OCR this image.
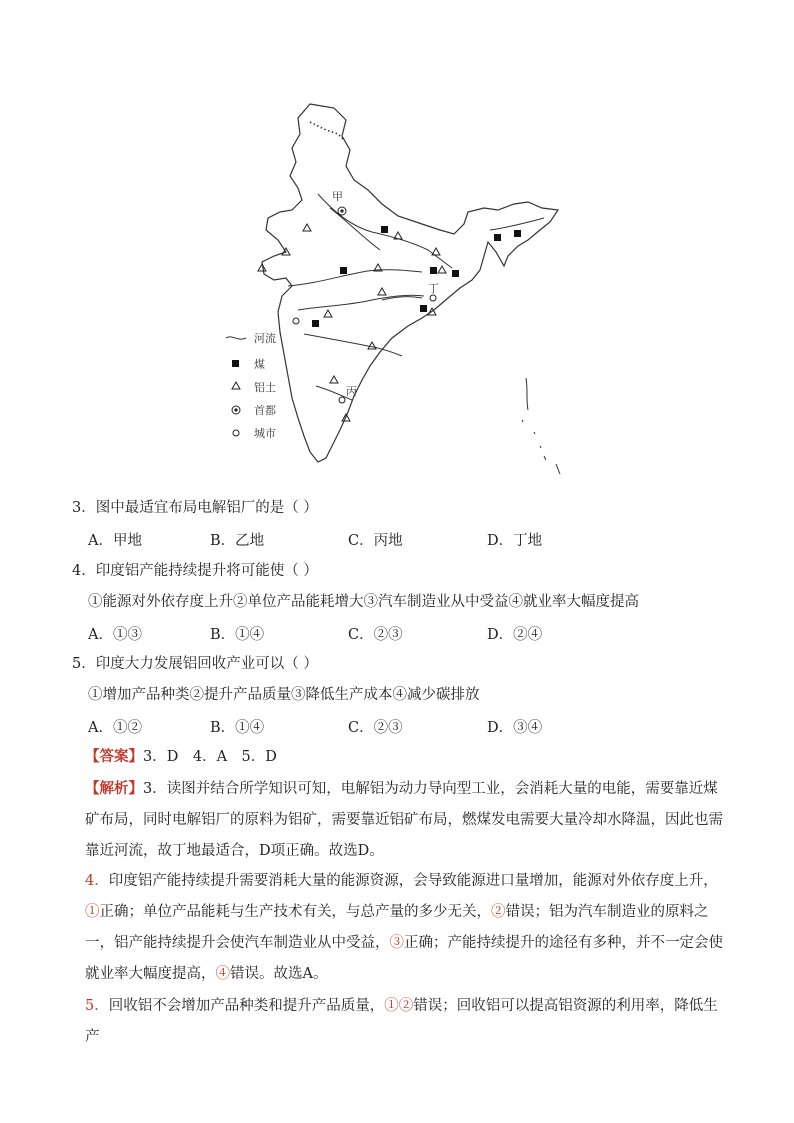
甲
丙
丁
河流
煤
铝土
首都
城市
3．图中最适宜布局电解铝厂的是（ ）
A．甲地	B．乙地	C．丙地	D．丁地
4．印度铝产能持续提升将可能使（ ）
①能源对外依存度上升②单位产品能耗增大③汽车制造业从中受益④就业率大幅度提高
A．①③	B．①④	C．②③	D．②④
5．印度大力发展铝回收产业可以（ ）
①增加产品种类②提升产品质量③降低生产成本④减少碳排放
A．①②	B．①④	C．②③	D．③④
【答案】3．D　4．A　5．D
【解析】3．读图并结合所学知识可知，电解铝为动力导向型工业，会消耗大量的电能，需要靠近煤矿布局，同时电解铝厂的原料为铝矿，需要靠近铝矿布局，燃煤发电需要大量冷却水降温，因此也需靠近河流，故丁地最适合，D项正确。故选D。
4．印度铝产能持续提升需要消耗大量的能源资源，会导致能源进口量增加，能源对外依存度上升，①正确；单位产品能耗与生产技术有关，与总产量的多少无关，②错误；铝为汽车制造业的原料之一，铝产能持续提升会使汽车制造业从中受益，③正确；产能持续提升的途径有多种，并不一定会使就业率大幅度提高，④错误。故选A。
5．回收铝不会增加产品种类和提升产品质量，①②错误；回收铝可以提高铝资源的利用率，降低生产
